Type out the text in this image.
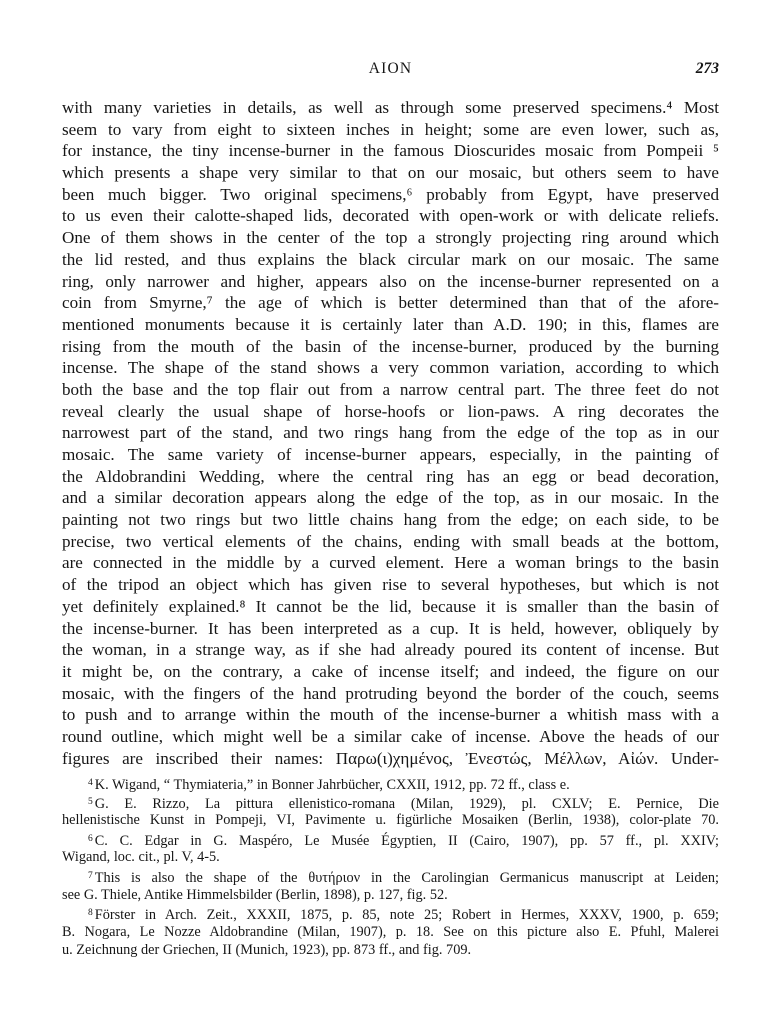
AION	273
with many varieties in details, as well as through some preserved specimens.⁴ Most
seem to vary from eight to sixteen inches in height; some are even lower, such as,
for instance, the tiny incense-burner in the famous Dioscurides mosaic from Pompeii ⁵
which presents a shape very similar to that on our mosaic, but others seem to have
been much bigger. Two original specimens,⁶ probably from Egypt, have preserved
to us even their calotte-shaped lids, decorated with open-work or with delicate reliefs.
One of them shows in the center of the top a strongly projecting ring around which
the lid rested, and thus explains the black circular mark on our mosaic. The same
ring, only narrower and higher, appears also on the incense-burner represented on a
coin from Smyrne,⁷ the age of which is better determined than that of the afore-
mentioned monuments because it is certainly later than A.D. 190; in this, flames are
rising from the mouth of the basin of the incense-burner, produced by the burning
incense. The shape of the stand shows a very common variation, according to which
both the base and the top flair out from a narrow central part. The three feet do not
reveal clearly the usual shape of horse-hoofs or lion-paws. A ring decorates the
narrowest part of the stand, and two rings hang from the edge of the top as in our
mosaic. The same variety of incense-burner appears, especially, in the painting of
the Aldobrandini Wedding, where the central ring has an egg or bead decoration,
and a similar decoration appears along the edge of the top, as in our mosaic. In the
painting not two rings but two little chains hang from the edge; on each side, to be
precise, two vertical elements of the chains, ending with small beads at the bottom,
are connected in the middle by a curved element. Here a woman brings to the basin
of the tripod an object which has given rise to several hypotheses, but which is not
yet definitely explained.⁸ It cannot be the lid, because it is smaller than the basin of
the incense-burner. It has been interpreted as a cup. It is held, however, obliquely by
the woman, in a strange way, as if she had already poured its content of incense. But
it might be, on the contrary, a cake of incense itself; and indeed, the figure on our
mosaic, with the fingers of the hand protruding beyond the border of the couch, seems
to push and to arrange within the mouth of the incense-burner a whitish mass with a
round outline, which might well be a similar cake of incense. Above the heads of our
figures are inscribed their names: Παρω(ι)χημένος, Ἐνεστώς, Μέλλων, Αἰών. Under-
$^4$ K. Wigand, “ Thymiateria,” in Bonner Jahrbücher, CXXII, 1912, pp. 72 ff., class e.
$^5$ G. E. Rizzo, La pittura ellenistico-romana (Milan, 1929), pl. CXLV; E. Pernice, Die
hellenistische Kunst in Pompeji, VI, Pavimente u. figürliche Mosaiken (Berlin, 1938), color-plate 70.
$^6$ C. C. Edgar in G. Maspéro, Le Musée Égyptien, II (Cairo, 1907), pp. 57 ff., pl. XXIV;
Wigand, loc. cit., pl. V, 4-5.
$^7$ This is also the shape of the θυτήριον in the Carolingian Germanicus manuscript at Leiden;
see G. Thiele, Antike Himmelsbilder (Berlin, 1898), p. 127, fig. 52.
$^8$ Förster in Arch. Zeit., XXXII, 1875, p. 85, note 25; Robert in Hermes, XXXV, 1900, p. 659;
B. Nogara, Le Nozze Aldobrandine (Milan, 1907), p. 18. See on this picture also E. Pfuhl, Malerei
u. Zeichnung der Griechen, II (Munich, 1923), pp. 873 ff., and fig. 709.
